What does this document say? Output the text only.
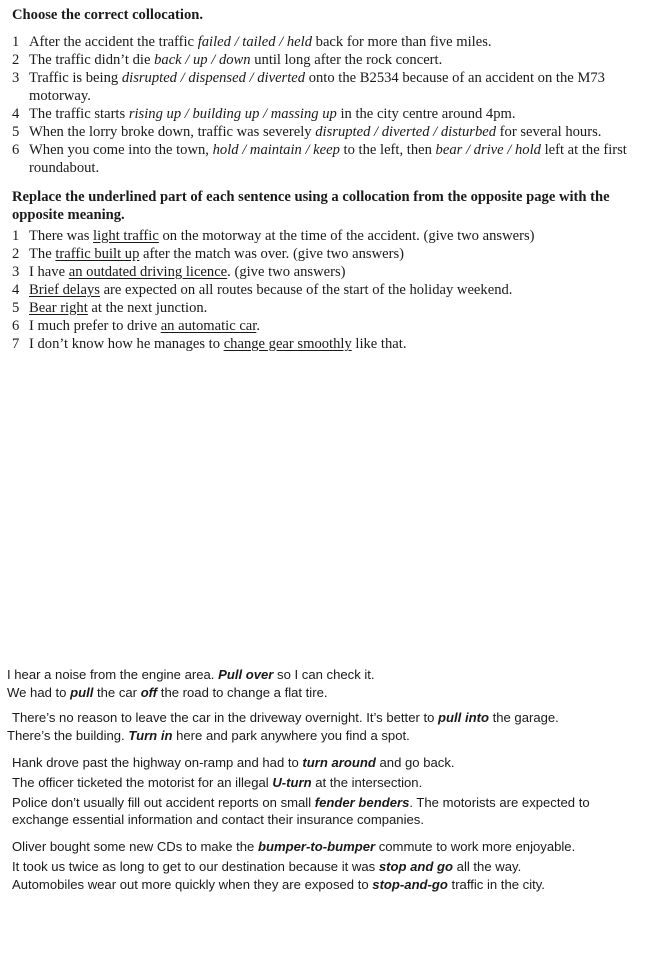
Choose the correct collocation.

1 After the accident the traffic failed / tailed / held back for more than five miles.
2 The traffic didn’t die back / up / down until long after the rock concert.
3 Traffic is being disrupted / dispensed / diverted onto the B2534 because of an accident on the M73 motorway.
4 The traffic starts rising up / building up / massing up in the city centre around 4pm.
5 When the lorry broke down, traffic was severely disrupted / diverted / disturbed for several hours.
6 When you come into the town, hold / maintain / keep to the left, then bear / drive / hold left at the first roundabout.

Replace the underlined part of each sentence using a collocation from the opposite page with the opposite meaning.

1 There was light traffic on the motorway at the time of the accident. (give two answers)
2 The traffic built up after the match was over. (give two answers)
3 I have an outdated driving licence. (give two answers)
4 Brief delays are expected on all routes because of the start of the holiday weekend.
5 Bear right at the next junction.
6 I much prefer to drive an automatic car.
7 I don’t know how he manages to change gear smoothly like that.

I hear a noise from the engine area. Pull over so I can check it.

We had to pull the car off the road to change a flat tire.

There’s no reason to leave the car in the driveway overnight. It’s better to pull into the garage.

There’s the building. Turn in here and park anywhere you find a spot.

Hank drove past the highway on-ramp and had to turn around and go back.

The officer ticketed the motorist for an illegal U-turn at the intersection.

Police don’t usually fill out accident reports on small fender benders. The motorists are expected to exchange essential information and contact their insurance companies.

Oliver bought some new CDs to make the bumper-to-bumper commute to work more enjoyable.

It took us twice as long to get to our destination because it was stop and go all the way.

Automobiles wear out more quickly when they are exposed to stop-and-go traffic in the city.
